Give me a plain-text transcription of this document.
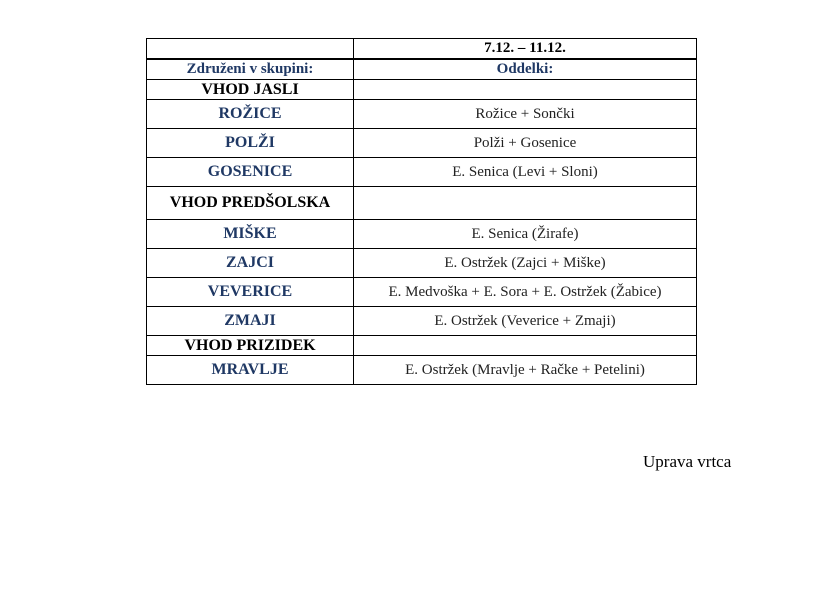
	7.12. – 11.12.
Združeni v skupini:	Oddelki:
VHOD JASLI	
ROŽICE	Rožice + Sončki
POLŽI	Polži + Gosenice
GOSENICE	E. Senica (Levi + Sloni)
VHOD PREDŠOLSKA	
MIŠKE	E. Senica (Žirafe)
ZAJCI	E. Ostržek (Zajci + Miške)
VEVERICE	E. Medvoška + E. Sora + E. Ostržek (Žabice)
ZMAJI	E. Ostržek (Veverice + Zmaji)
VHOD PRIZIDEK	
MRAVLJE	E. Ostržek (Mravlje + Račke + Petelini)
Uprava vrtca
